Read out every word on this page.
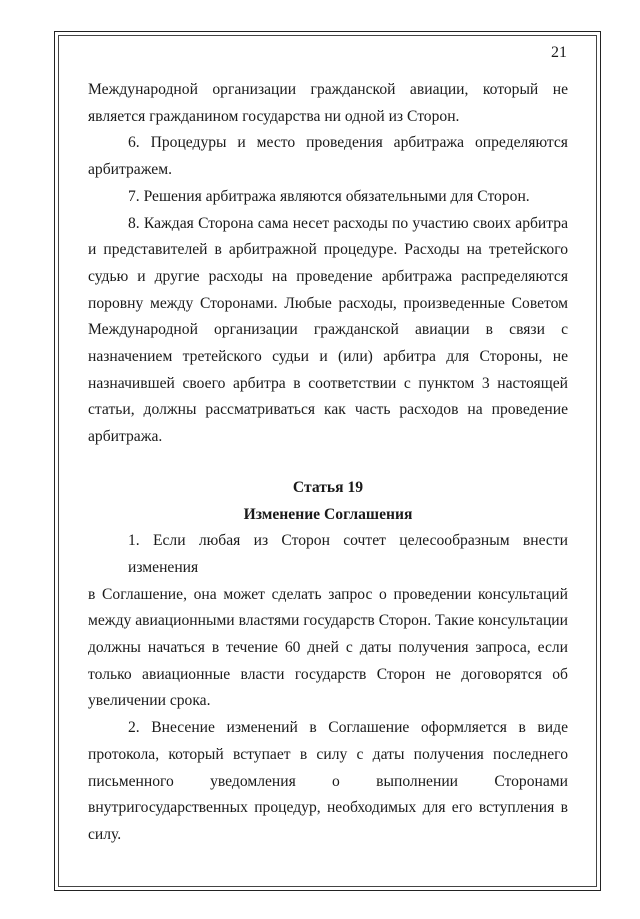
21
Международной организации гражданской авиации, который не
является гражданином государства ни одной из Сторон.
6. Процедуры и место проведения арбитража определяются
арбитражем.
7. Решения арбитража являются обязательными для Сторон.
8. Каждая Сторона сама несет расходы по участию своих арбитра
и представителей в арбитражной процедуре. Расходы на третейского
судью и другие расходы на проведение арбитража распределяются
поровну между Сторонами. Любые расходы, произведенные Советом
Международной организации гражданской авиации в связи с
назначением третейского судьи и (или) арбитра для Стороны, не
назначившей своего арбитра в соответствии с пунктом 3 настоящей
статьи, должны рассматриваться как часть расходов на проведение
арбитража.
Статья 19
Изменение Соглашения
1. Если любая из Сторон сочтет целесообразным внести изменения
в Соглашение, она может сделать запрос о проведении консультаций
между авиационными властями государств Сторон. Такие консультации
должны начаться в течение 60 дней с даты получения запроса, если
только авиационные власти государств Сторон не договорятся об
увеличении срока.
2. Внесение изменений в Соглашение оформляется в виде
протокола, который вступает в силу с даты получения последнего
письменного уведомления о выполнении Сторонами
внутригосударственных процедур, необходимых для его вступления в
силу.
